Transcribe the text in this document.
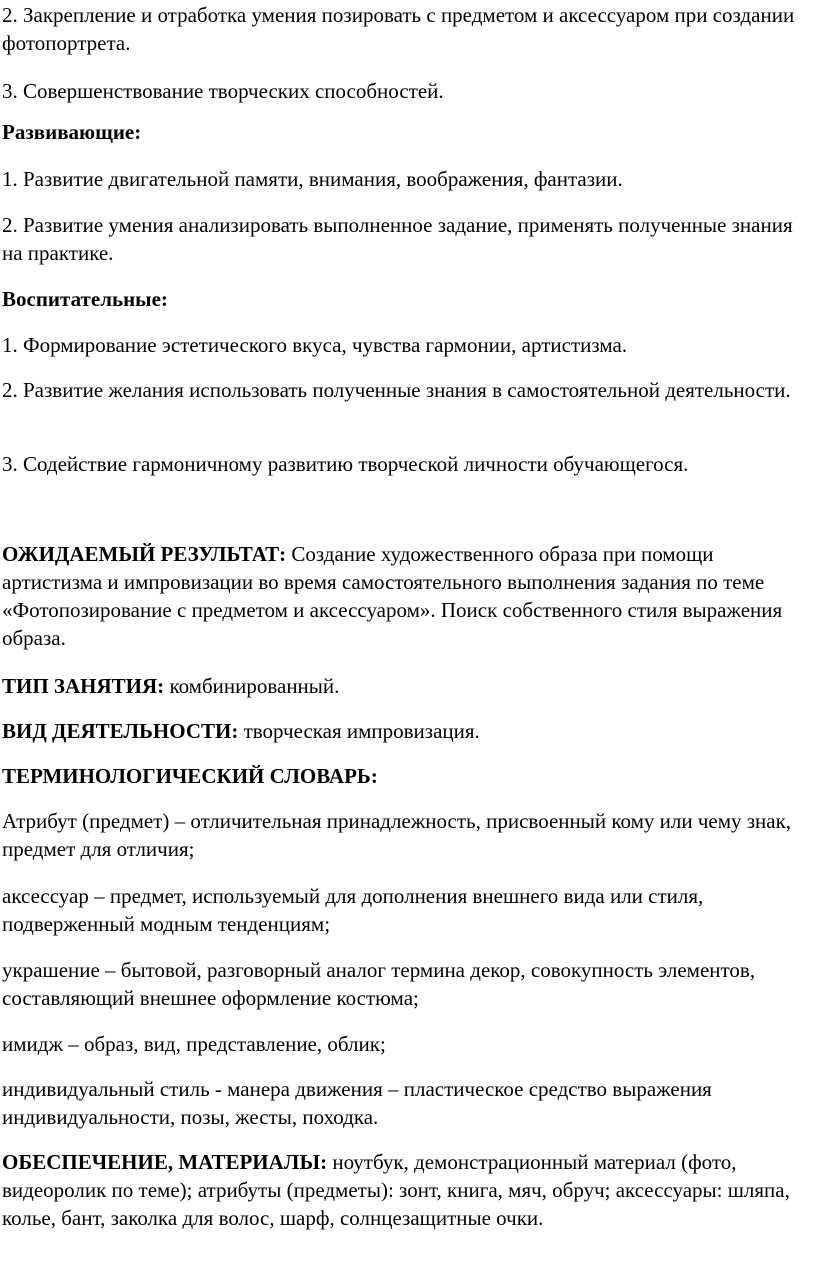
2. Закрепление и отработка умения позировать с предметом и аксессуаром при создании фотопортрета.

3. Совершенствование творческих способностей.

Развивающие:

1. Развитие двигательной памяти, внимания, воображения, фантазии.

2. Развитие умения анализировать выполненное задание, применять полученные знания на практике.

Воспитательные:

1. Формирование эстетического вкуса, чувства гармонии, артистизма.

2. Развитие желания использовать полученные знания в самостоятельной деятельности.

3. Содействие гармоничному развитию творческой личности обучающегося.

ОЖИДАЕМЫЙ РЕЗУЛЬТАТ: Создание художественного образа при помощи артистизма и импровизации во время самостоятельного выполнения задания по теме «Фотопозирование с предметом и аксессуаром». Поиск собственного стиля выражения образа.

ТИП ЗАНЯТИЯ: комбинированный.

ВИД ДЕЯТЕЛЬНОСТИ: творческая импровизация.

ТЕРМИНОЛОГИЧЕСКИЙ СЛОВАРЬ:

Атрибут (предмет) – отличительная принадлежность, присвоенный кому или чему знак, предмет для отличия;

аксессуар – предмет, используемый для дополнения внешнего вида или стиля, подверженный модным тенденциям;

украшение – бытовой, разговорный аналог термина декор, совокупность элементов, составляющий внешнее оформление костюма;

имидж – образ, вид, представление, облик;

индивидуальный стиль - манера движения – пластическое средство выражения индивидуальности, позы, жесты, походка.

ОБЕСПЕЧЕНИЕ, МАТЕРИАЛЫ: ноутбук, демонстрационный материал (фото, видеоролик по теме); атрибуты (предметы): зонт, книга, мяч, обруч; аксессуары: шляпа, колье, бант, заколка для волос, шарф, солнцезащитные очки.
